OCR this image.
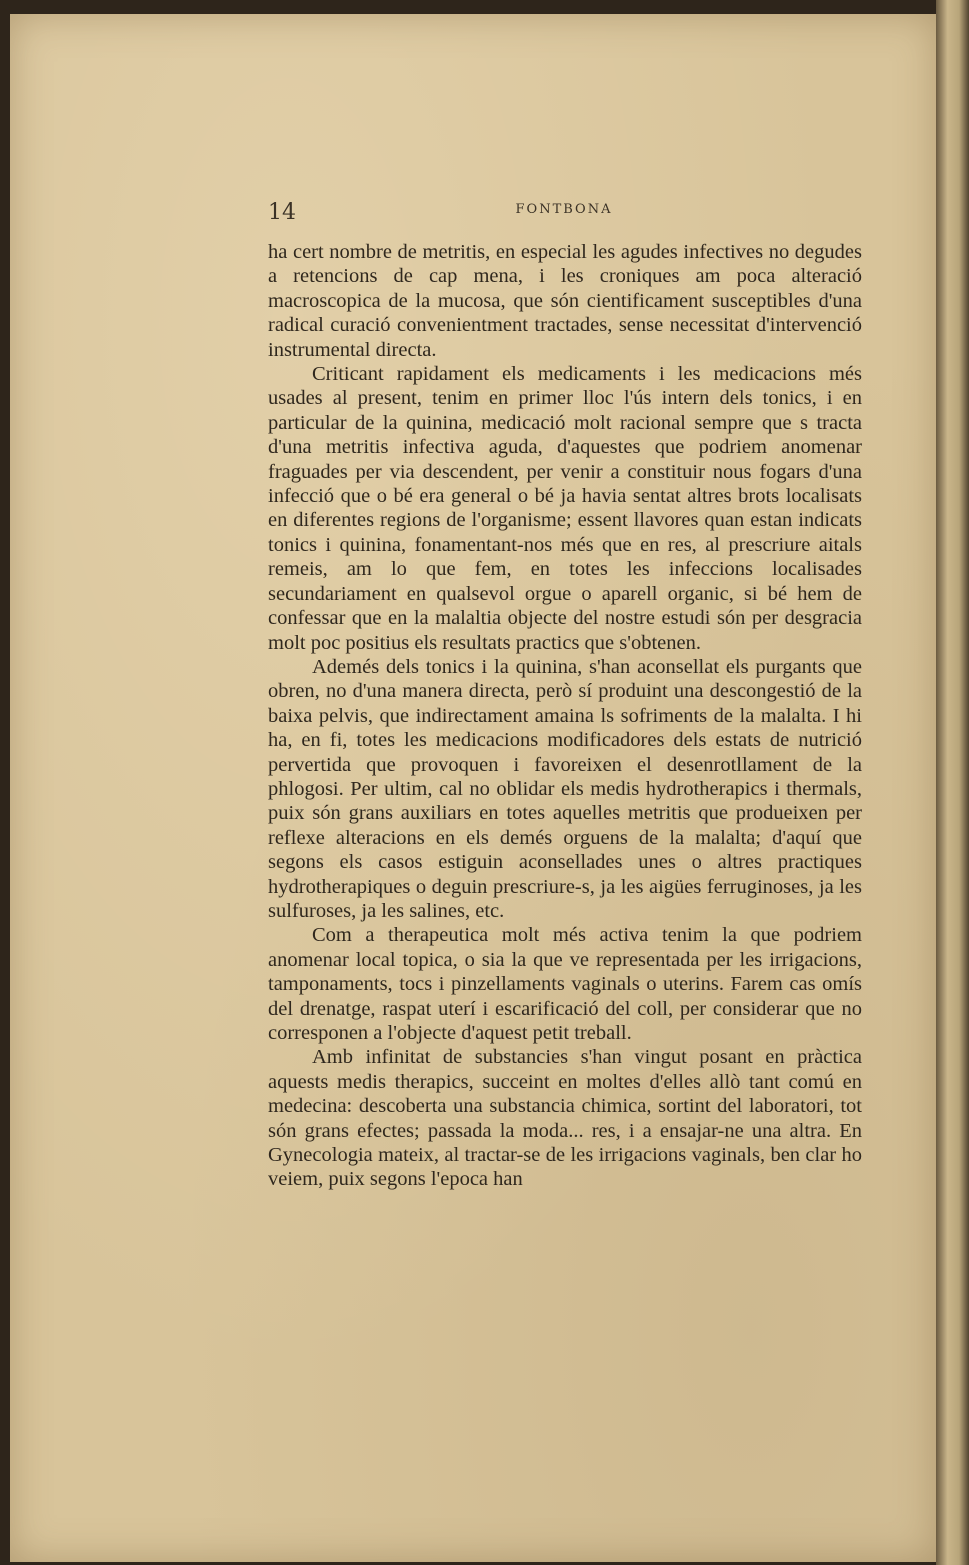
14	FONTBONA

ha cert nombre de metritis, en especial les agudes infectives no degudes a retencions de cap mena, i les croniques am poca alteració macroscopica de la mucosa, que són cientificament susceptibles d'una radical curació convenientment tractades, sense necessitat d'intervenció instrumental directa.

Criticant rapidament els medicaments i les medicacions més usades al present, tenim en primer lloc l'ús intern dels tonics, i en particular de la quinina, medicació molt racional sempre que s tracta d'una metritis infectiva aguda, d'aquestes que podriem anomenar fraguades per via descendent, per venir a constituir nous fogars d'una infecció que o bé era general o bé ja havia sentat altres brots localisats en diferentes regions de l'organisme; essent llavores quan estan indicats tonics i quinina, fonamentant-nos més que en res, al prescriure aitals remeis, am lo que fem, en totes les infeccions localisades secundariament en qualsevol orgue o aparell organic, si bé hem de confessar que en la malaltia objecte del nostre estudi són per desgracia molt poc positius els resultats practics que s'obtenen.

Ademés dels tonics i la quinina, s'han aconsellat els purgants que obren, no d'una manera directa, però sí produint una descongestió de la baixa pelvis, que indirectament amaina ls sofriments de la malalta. I hi ha, en fi, totes les medicacions modificadores dels estats de nutrició pervertida que provoquen i favoreixen el desenrotllament de la phlogosi. Per ultim, cal no oblidar els medis hydrotherapics i thermals, puix són grans auxiliars en totes aquelles metritis que produeixen per reflexe alteracions en els demés orguens de la malalta; d'aquí que segons els casos estiguin aconsellades unes o altres practiques hydrotherapiques o deguin prescriure-s, ja les aigües ferruginoses, ja les sulfuroses, ja les salines, etc.

Com a therapeutica molt més activa tenim la que podriem anomenar local topica, o sia la que ve representada per les irrigacions, tamponaments, tocs i pinzellaments vaginals o uterins. Farem cas omís del drenatge, raspat uterí i escarificació del coll, per considerar que no corresponen a l'objecte d'aquest petit treball.

Amb infinitat de substancies s'han vingut posant en pràctica aquests medis therapics, succeint en moltes d'elles allò tant comú en medecina: descoberta una substancia chimica, sortint del laboratori, tot són grans efectes; passada la moda... res, i a ensajar-ne una altra. En Gynecologia mateix, al tractar-se de les irrigacions vaginals, ben clar ho veiem, puix segons l'epoca han
